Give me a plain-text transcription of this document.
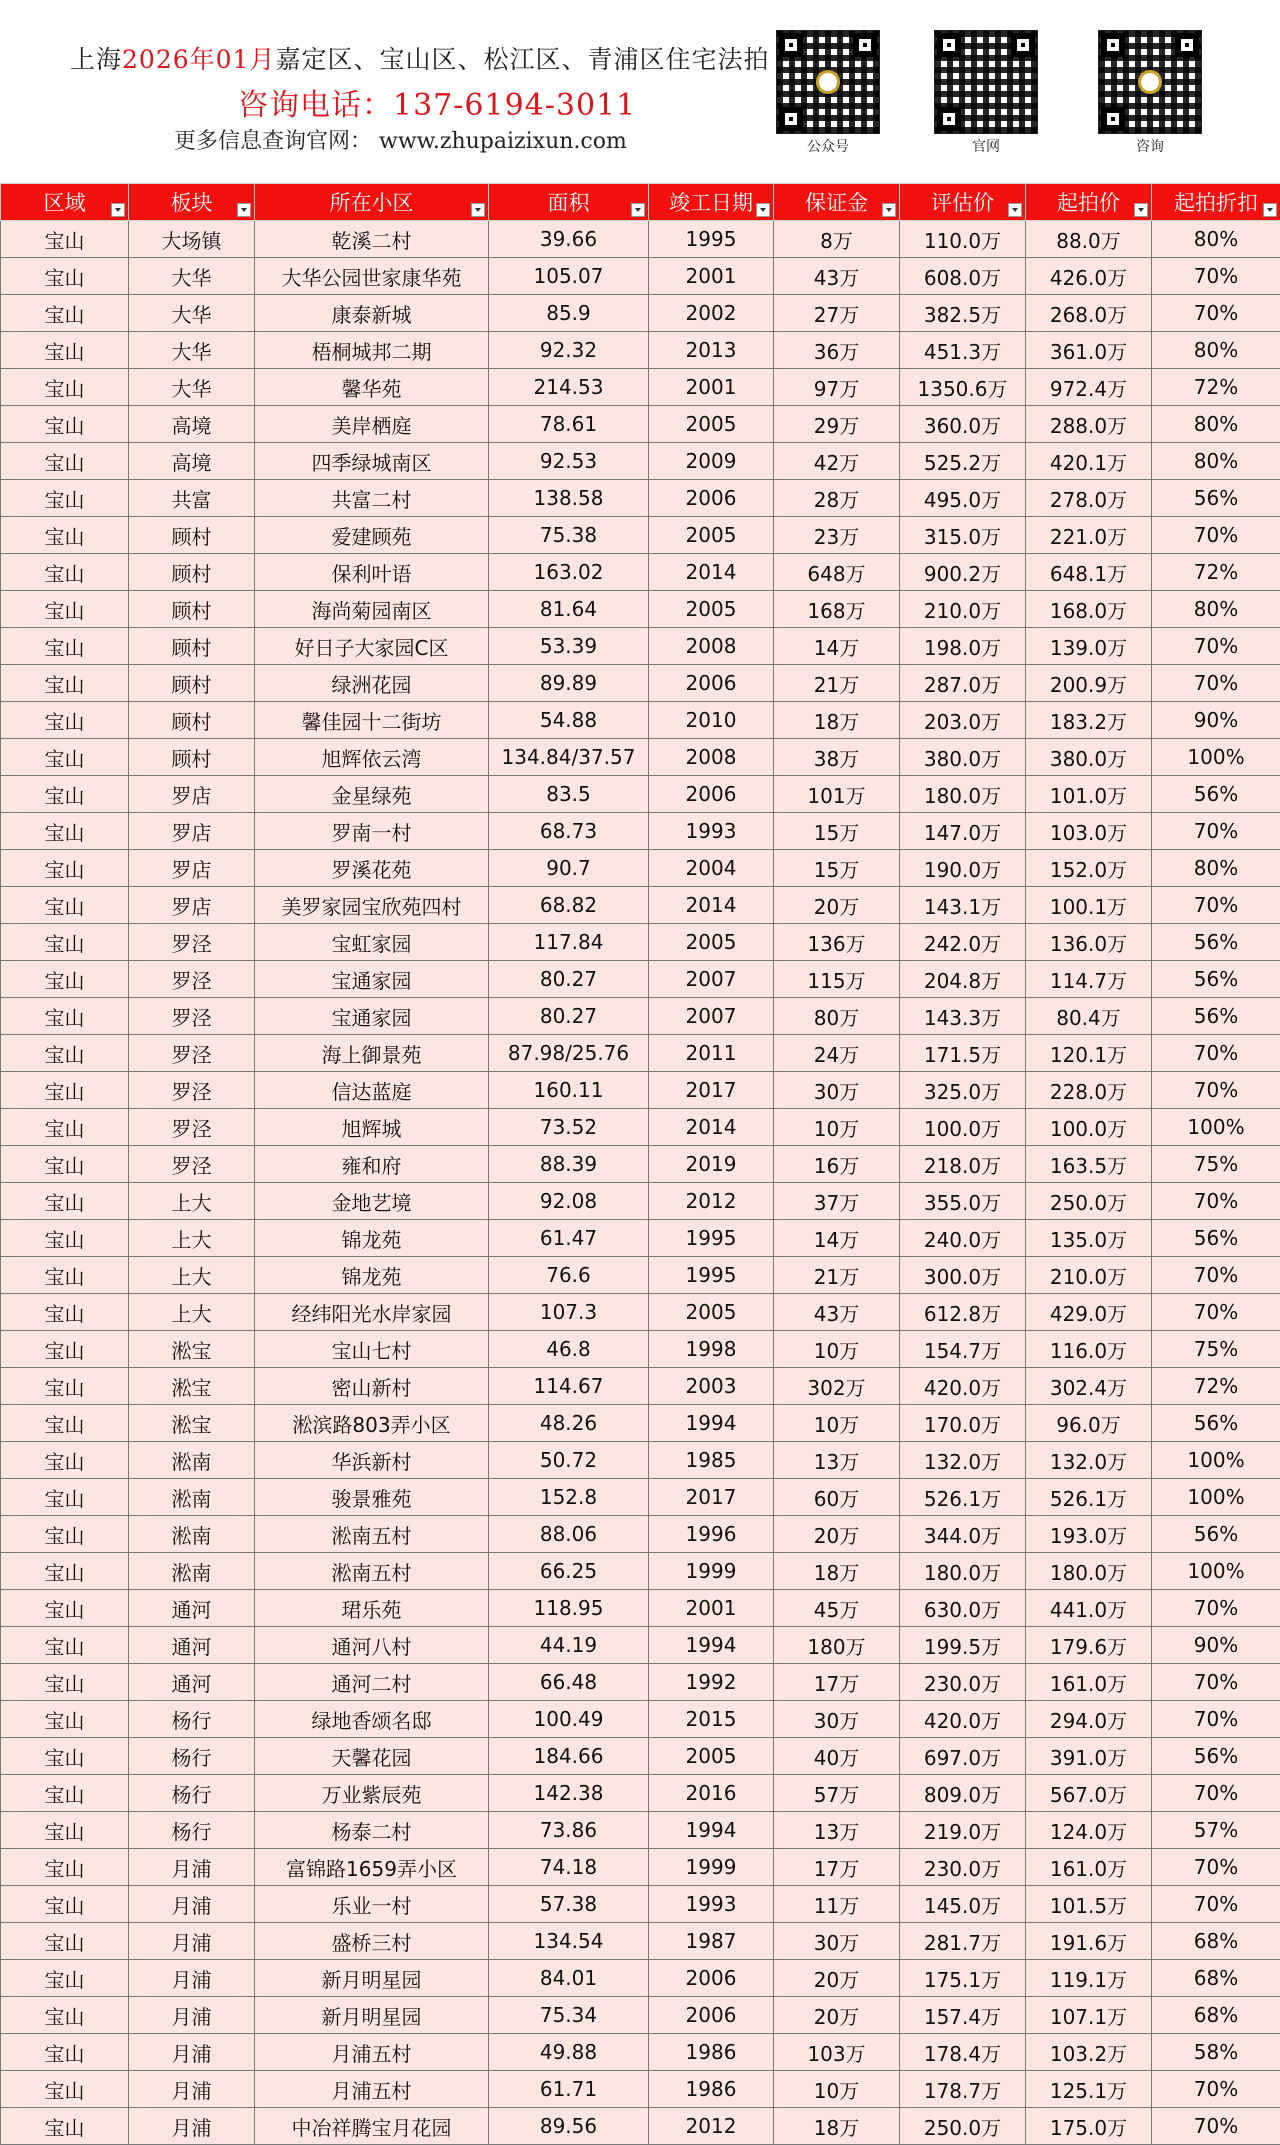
上海2026年01月嘉定区、宝山区、松江区、青浦区住宅法拍
咨询电话：137-6194-3011
更多信息查询官网： www.zhupaizixun.com	公众号	官网	咨询
区域	板块	所在小区	面积	竣工日期	保证金	评估价	起拍价	起拍折扣

宝山	大场镇	乾溪二村	39.66	1995	8万	110.0万	88.0万	80%
宝山	大华	大华公园世家康华苑	105.07	2001	43万	608.0万	426.0万	70%
宝山	大华	康泰新城	85.9	2002	27万	382.5万	268.0万	70%
宝山	大华	梧桐城邦二期	92.32	2013	36万	451.3万	361.0万	80%
宝山	大华	馨华苑	214.53	2001	97万	1350.6万	972.4万	72%
宝山	高境	美岸栖庭	78.61	2005	29万	360.0万	288.0万	80%
宝山	高境	四季绿城南区	92.53	2009	42万	525.2万	420.1万	80%
宝山	共富	共富二村	138.58	2006	28万	495.0万	278.0万	56%
宝山	顾村	爱建顾苑	75.38	2005	23万	315.0万	221.0万	70%
宝山	顾村	保利叶语	163.02	2014	648万	900.2万	648.1万	72%
宝山	顾村	海尚菊园南区	81.64	2005	168万	210.0万	168.0万	80%
宝山	顾村	好日子大家园C区	53.39	2008	14万	198.0万	139.0万	70%
宝山	顾村	绿洲花园	89.89	2006	21万	287.0万	200.9万	70%
宝山	顾村	馨佳园十二街坊	54.88	2010	18万	203.0万	183.2万	90%
宝山	顾村	旭辉依云湾	134.84/37.57	2008	38万	380.0万	380.0万	100%
宝山	罗店	金星绿苑	83.5	2006	101万	180.0万	101.0万	56%
宝山	罗店	罗南一村	68.73	1993	15万	147.0万	103.0万	70%
宝山	罗店	罗溪花苑	90.7	2004	15万	190.0万	152.0万	80%
宝山	罗店	美罗家园宝欣苑四村	68.82	2014	20万	143.1万	100.1万	70%
宝山	罗泾	宝虹家园	117.84	2005	136万	242.0万	136.0万	56%
宝山	罗泾	宝通家园	80.27	2007	115万	204.8万	114.7万	56%
宝山	罗泾	宝通家园	80.27	2007	80万	143.3万	80.4万	56%
宝山	罗泾	海上御景苑	87.98/25.76	2011	24万	171.5万	120.1万	70%
宝山	罗泾	信达蓝庭	160.11	2017	30万	325.0万	228.0万	70%
宝山	罗泾	旭辉城	73.52	2014	10万	100.0万	100.0万	100%
宝山	罗泾	雍和府	88.39	2019	16万	218.0万	163.5万	75%
宝山	上大	金地艺境	92.08	2012	37万	355.0万	250.0万	70%
宝山	上大	锦龙苑	61.47	1995	14万	240.0万	135.0万	56%
宝山	上大	锦龙苑	76.6	1995	21万	300.0万	210.0万	70%
宝山	上大	经纬阳光水岸家园	107.3	2005	43万	612.8万	429.0万	70%
宝山	淞宝	宝山七村	46.8	1998	10万	154.7万	116.0万	75%
宝山	淞宝	密山新村	114.67	2003	302万	420.0万	302.4万	72%
宝山	淞宝	淞滨路803弄小区	48.26	1994	10万	170.0万	96.0万	56%
宝山	淞南	华浜新村	50.72	1985	13万	132.0万	132.0万	100%
宝山	淞南	骏景雅苑	152.8	2017	60万	526.1万	526.1万	100%
宝山	淞南	淞南五村	88.06	1996	20万	344.0万	193.0万	56%
宝山	淞南	淞南五村	66.25	1999	18万	180.0万	180.0万	100%
宝山	通河	珺乐苑	118.95	2001	45万	630.0万	441.0万	70%
宝山	通河	通河八村	44.19	1994	180万	199.5万	179.6万	90%
宝山	通河	通河二村	66.48	1992	17万	230.0万	161.0万	70%
宝山	杨行	绿地香颂名邸	100.49	2015	30万	420.0万	294.0万	70%
宝山	杨行	天馨花园	184.66	2005	40万	697.0万	391.0万	56%
宝山	杨行	万业紫辰苑	142.38	2016	57万	809.0万	567.0万	70%
宝山	杨行	杨泰二村	73.86	1994	13万	219.0万	124.0万	57%
宝山	月浦	富锦路1659弄小区	74.18	1999	17万	230.0万	161.0万	70%
宝山	月浦	乐业一村	57.38	1993	11万	145.0万	101.5万	70%
宝山	月浦	盛桥三村	134.54	1987	30万	281.7万	191.6万	68%
宝山	月浦	新月明星园	84.01	2006	20万	175.1万	119.1万	68%
宝山	月浦	新月明星园	75.34	2006	20万	157.4万	107.1万	68%
宝山	月浦	月浦五村	49.88	1986	103万	178.4万	103.2万	58%
宝山	月浦	月浦五村	61.71	1986	10万	178.7万	125.1万	70%
宝山	月浦	中冶祥腾宝月花园	89.56	2012	18万	250.0万	175.0万	70%
